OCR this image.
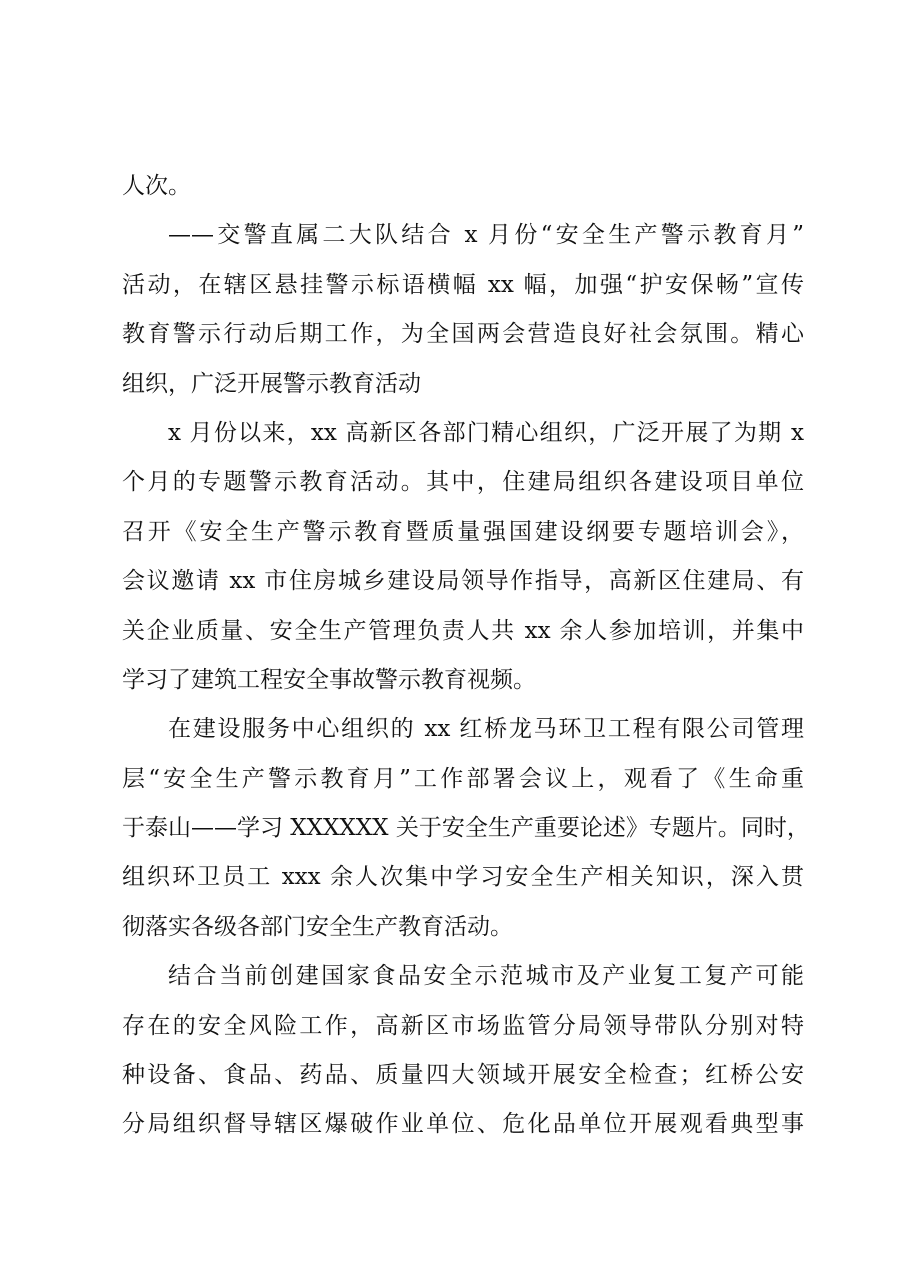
人次。
——交警直属二大队结合 x 月份“安全生产警示教育月”
活动，在辖区悬挂警示标语横幅 xx 幅，加强“护安保畅”宣传
教育警示行动后期工作，为全国两会营造良好社会氛围。精心
组织，广泛开展警示教育活动
x 月份以来，xx 高新区各部门精心组织，广泛开展了为期 x
个月的专题警示教育活动。其中，住建局组织各建设项目单位
召开《安全生产警示教育暨质量强国建设纲要专题培训会》，
会议邀请 xx 市住房城乡建设局领导作指导，高新区住建局、有
关企业质量、安全生产管理负责人共 xx 余人参加培训，并集中
学习了建筑工程安全事故警示教育视频。
在建设服务中心组织的 xx 红桥龙马环卫工程有限公司管理
层“安全生产警示教育月”工作部署会议上，观看了《生命重
于泰山——学习 XXXXXX 关于安全生产重要论述》专题片。同时，
组织环卫员工 xxx 余人次集中学习安全生产相关知识，深入贯
彻落实各级各部门安全生产教育活动。
结合当前创建国家食品安全示范城市及产业复工复产可能
存在的安全风险工作，高新区市场监管分局领导带队分别对特
种设备、食品、药品、质量四大领域开展安全检查；红桥公安
分局组织督导辖区爆破作业单位、危化品单位开展观看典型事
